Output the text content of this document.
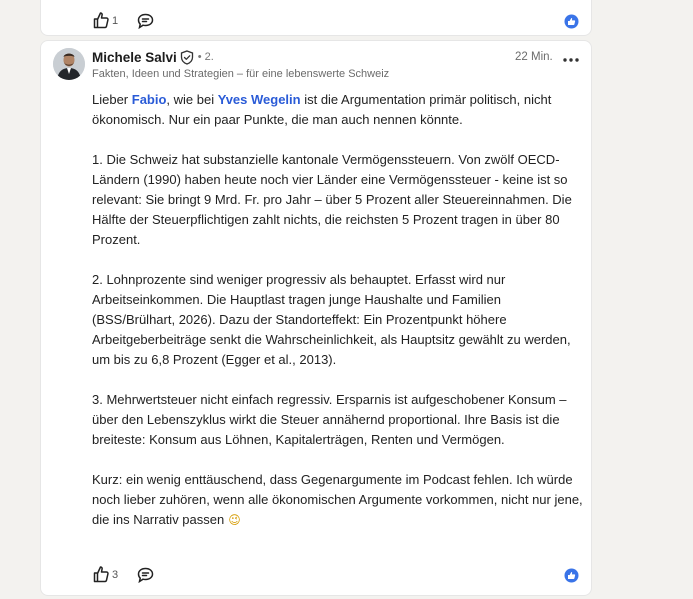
1
Michele Salvi • 2.
Fakten, Ideen und Strategien – für eine lebenswerte Schweiz
22 Min.

Lieber Fabio, wie bei Yves Wegelin ist die Argumentation primär politisch, nicht ökonomisch. Nur ein paar Punkte, die man auch nennen könnte.

1. Die Schweiz hat substanzielle kantonale Vermögenssteuern. Von zwölf OECD-Ländern (1990) haben heute noch vier Länder eine Vermögenssteuer - keine ist so relevant: Sie bringt 9 Mrd. Fr. pro Jahr – über 5 Prozent aller Steuereinnahmen. Die Hälfte der Steuerpflichtigen zahlt nichts, die reichsten 5 Prozent tragen in über 80 Prozent.

2. Lohnprozente sind weniger progressiv als behauptet. Erfasst wird nur Arbeitseinkommen. Die Hauptlast tragen junge Haushalte und Familien (BSS/Brülhart, 2026). Dazu der Standorteffekt: Ein Prozentpunkt höhere Arbeitgeberbeiträge senkt die Wahrscheinlichkeit, als Hauptsitz gewählt zu werden, um bis zu 6,8 Prozent (Egger et al., 2013).

3. Mehrwertsteuer nicht einfach regressiv. Ersparnis ist aufgeschobener Konsum – über den Lebenszyklus wirkt die Steuer annähernd proportional. Ihre Basis ist die breiteste: Konsum aus Löhnen, Kapitalerträgen, Renten und Vermögen.

Kurz: ein wenig enttäuschend, dass Gegenargumente im Podcast fehlen. Ich würde noch lieber zuhören, wenn alle ökonomischen Argumente vorkommen, nicht nur jene, die ins Narrativ passen 😉

3
